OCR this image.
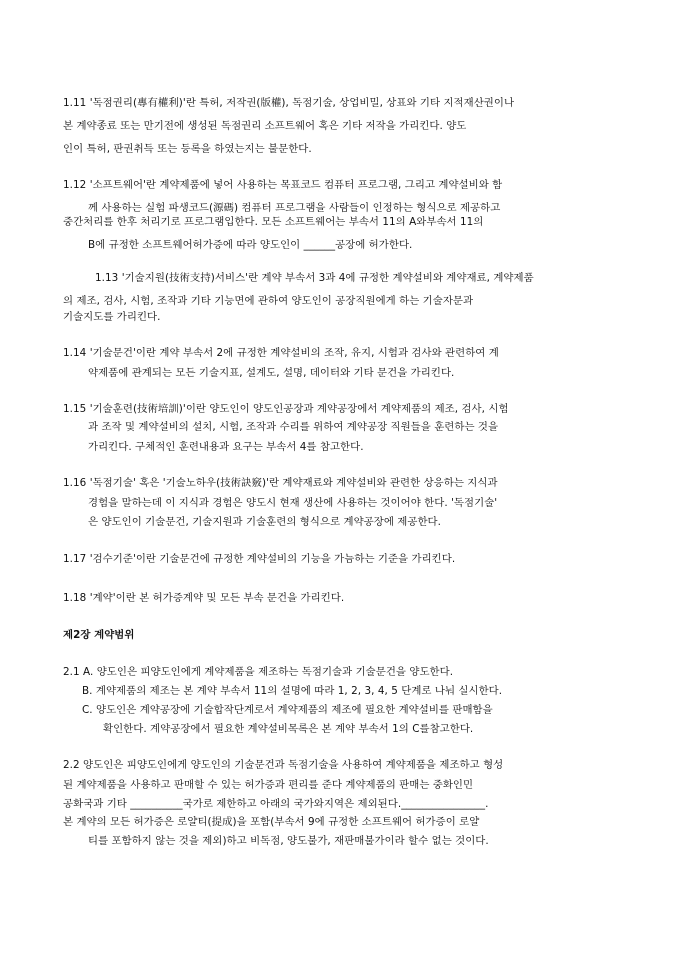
1.11 '독점권리(專有權利)'란 특허, 저작권(版權), 독점기술, 상업비밀, 상표와 기타 지적재산권이나
본 계약종료 또는 만기전에 생성된 독점권리 소프트웨어 혹은 기타 저작을 가리킨다. 양도
인이 특허, 판권취득 또는 등록을 하였는지는 불문한다.
1.12 '소프트웨어'란 계약제품에 넣어 사용하는 목표코드 컴퓨터 프로그램, 그리고 계약설비와 함
께 사용하는 실험 파생코드(源碼) 컴퓨터 프로그램을 사람들이 인정하는 형식으로 제공하고
중간처리를 한후 처리기로 프로그램입한다. 모든 소프트웨어는 부속서 11의 A와부속서 11의
B에 규정한 소프트웨어허가증에 따라 양도인이 ______공장에 허가한다.
1.13 '기술지원(技術支持)서비스'란 계약 부속서 3과 4에 규정한 계약설비와 계약재료, 계약제품
의 제조, 검사, 시험, 조작과 기타 기능면에 관하여 양도인이 공장직원에게 하는 기술자문과
기술지도를 가리킨다.
1.14 '기술문건'이란 계약 부속서 2에 규정한 계약설비의 조작, 유지, 시험과 검사와 관련하여 계
약제품에 관계되는 모든 기술지표, 설계도, 설명, 데이터와 기타 문건을 가리킨다.
1.15 '기술훈련(技術培訓)'이란 양도인이 양도인공장과 계약공장에서 계약제품의 제조, 검사, 시험
과 조작 및 계약설비의 설치, 시험, 조작과 수리를 위하여 계약공장 직원들을 훈련하는 것을
가리킨다. 구체적인 훈련내용과 요구는 부속서 4를 참고한다.
1.16 '독점기술' 혹은 '기술노하우(技術訣竅)'란 계약재료와 계약설비와 관련한 상응하는 지식과
경험을 말하는데 이 지식과 경험은 양도시 현재 생산에 사용하는 것이어야 한다. '독점기술'
은 양도인이 기술문건, 기술지원과 기술훈련의 형식으로 계약공장에 제공한다.
1.17 '검수기준'이란 기술문건에 규정한 계약설비의 기능을 가늠하는 기준을 가리킨다.
1.18 '계약'이란 본 허가증계약 및 모든 부속 문건을 가리킨다.
제2장 계약범위
2.1 A. 양도인은 피양도인에게 계약제품을 제조하는 독점기술과 기술문건을 양도한다.
B. 계약제품의 제조는 본 계약 부속서 11의 설명에 따라 1, 2, 3, 4, 5 단계로 나눠 실시한다.
C. 양도인은 계약공장에 기술합작단계로서 계약제품의 제조에 필요한 계약설비를 판매함을
확인한다. 계약공장에서 필요한 계약설비목록은 본 계약 부속서 1의 C를참고한다.
2.2 양도인은 피양도인에게 양도인의 기술문건과 독점기술을 사용하여 계약제품을 제조하고 형성
된 계약제품을 사용하고 판매할 수 있는 허가증과 편리를 준다 계약제품의 판매는 중화인민
공화국과 기타 __________국가로 제한하고 아래의 국가와지역은 제외된다.________________.
본 계약의 모든 허가증은 로얄티(提成)을 포함(부속서 9에 규정한 소프트웨어 허가증이 로얄
티를 포함하지 않는 것을 제외)하고 비독점, 양도불가, 재판매불가이라 할수 없는 것이다.
